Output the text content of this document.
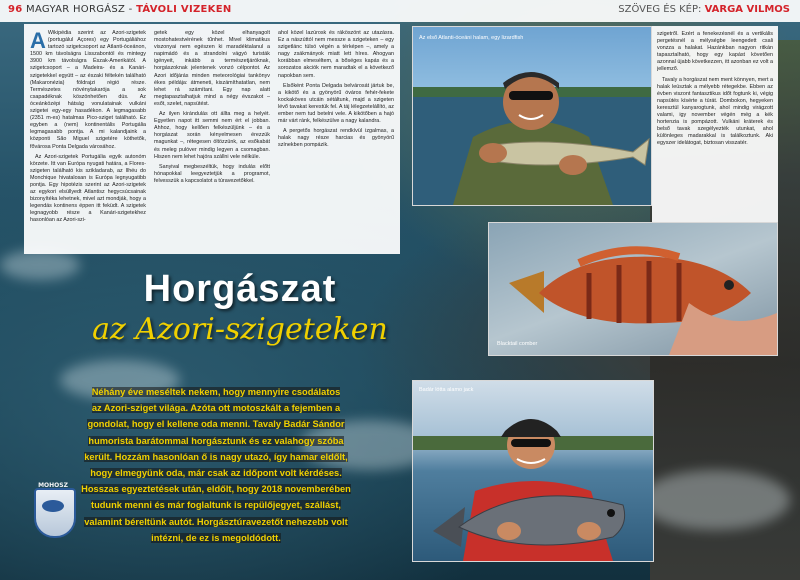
96 MAGYAR HORGÁSZ - TÁVOLI VIZEKEN	SZÖVEG ÉS KÉP: VARGA VILMOS
A Wikipédia szerint az Azori-szigetek (portugálul Açores) egy Portugáliához tartozó szigetcsoport az Atlanti-óceánon, 1500 km távolságra Lisszabontól és mintegy 3900 km távolságra Észak-Amerikától. A szigetcsoport – a Madeira- és a Kanári-szigetekkel együtt – az északi féltekén található (Makaronézia) földrajzi régió része. Természetes növénytakarója a sok csapadéknak köszönhetően dús. Az óceánközépi hátság vonulatainak vulkáni szigetei egy-egy hasadékon. A legmagasabb (2351 m-es) hatalmas Pico-sziget található. Ez egyben a (nem) kontinentális Portugália legmagasabb pontja. A mi kalandjaink a központi São Miguel szigetére köthetők, fővárosa Ponta Delgada városához.

Az Azori-szigetek Portugália egyik autonóm körzete. Itt van Európa nyugati határa, a Flores-szigeten található kis szikladarab, az Ilhéu do Monchique hivatalosan is Európa legnyugatibb pontja. Egy hipotézis szerint az Azori-szigetek az egykori elsüllyedt Atlantisz hegycsúcsainak bizonyítéka lehetnek, mivel azt mondják, hogy a legendás kontinens éppen itt feküdt. A szigetek legnagyobb része a Kanári-szigetekhez hasonlóan az Azori-szi-

getek egy közel elhanyagolt mostohatestvérének tűnhet. Mivel klimatikus viszonyai nem egészen ki maradéktalanul a napimádó és a strandolni vágyó turisták igényeit, inkább a természetjáróknak, horgászoknak jelentenek vonzó célpontot. Az Azori időjárás minden meteorológiai tankönyv ékes példája: átmeneti, kiszámíthatatlan, nem lehet rá számítani. Egy nap alatt megtapasztalhatjuk mind a négy évszakot – esőt, szelet, napsütést.

Az ilyen kirándulás ott állta meg a helyét. Egyetlen napot itt semmi nem ért el jobban. Ahhoz, hogy kellően felkészüljünk – és a horgászat során kényelmesen érezzük magunkat –, rétegesen öltözzünk, az esőkabát és meleg pulóver mindig legyen a csomagban. Hiszen nem lehet hajóra szállni vele nélküle.

Sanyival megbeszéltük, hogy indulás előtt hónapokkal leegyeztetjük a programot, felvesszük a kapcsolatot a túravezetőkkel.

ahol közel lazúrosk és ráköszönt az utazásra. Ez a nászúttól nem messze a szigeteken – egy szigetlánc túlsó végén a térképen –, amely a nagy zsákmányok miatt lett híres. Ahogyan korábban elmeséltem, a bőséges kapás és a sorozatos akciók nem maradtak el a következő napokban sem.

Elsőként Ponta Delgada belvárosát jártuk be, a kikötő és a gyönyörű óváros fehér-fekete kockaköves utcáin sétáltunk, majd a szigeten lévő tavakat kerestük fel. A táj lélegzetelállító, az ember nem tud betelni vele. A kikötőben a hajó már várt ránk, felkészülve a nagy kalandra.

A pergetős horgászat rendkívül izgalmas, a halak nagy része harcias és gyönyörű színekben pompázik.

Horgászat
az Azori-szigeteken
Néhány éve meséltek nekem, hogy mennyire csodálatos
az Azori-sziget világa. Azóta ott motoszkált a fejemben a
gondolat, hogy el kellene oda menni. Tavaly Badár Sándor
humorista barátommal horgásztunk és ez valahogy szóba
került. Hozzám hasonlóan ő is nagy utazó, így hamar eldőlt,
hogy elmegyünk oda, már csak az időpont volt kérdéses.
Hosszas egyeztetések után, eldőlt, hogy 2018 novemberében
tudunk menni és már foglaltunk is repülőjegyet, szállást,
valamint béreltünk autót. Horgásztúravezetőt nehezebb volt
intézni, de ez is megoldódott.
MOHOSZ
Az első Atlanti-óceáni halam, egy lizardfish
Blacktail comber
Badár lótta alamo jack

szigetről. Ezért a fenekezésnél és a vertikális pergetésnél a mélységbe leengedett csali vonzza a halakat. Hazánkban nagyon ritkán tapasztalható, hogy egy kapást követően azonnal újabb következzen, itt azonban ez volt a jellemző.

Tavaly a horgászat nem ment könnyen, mert a halak leúsztak a mélyebb rétegekbe. Ebben az évben viszont fantasztikus időt fogtunk ki, végig napsütés kísérte a túrát. Dombokon, hegyeken keresztül kanyarogtunk, ahol mindig virágzott valami, igy november végén még a kék hortenzia is pompázott. Vulkáni kráterek és belső tavak szegélyezték utunkat, ahol különleges madarakkal is találkoztunk. Aki egyszer idelátogat, biztosan visszatér.
